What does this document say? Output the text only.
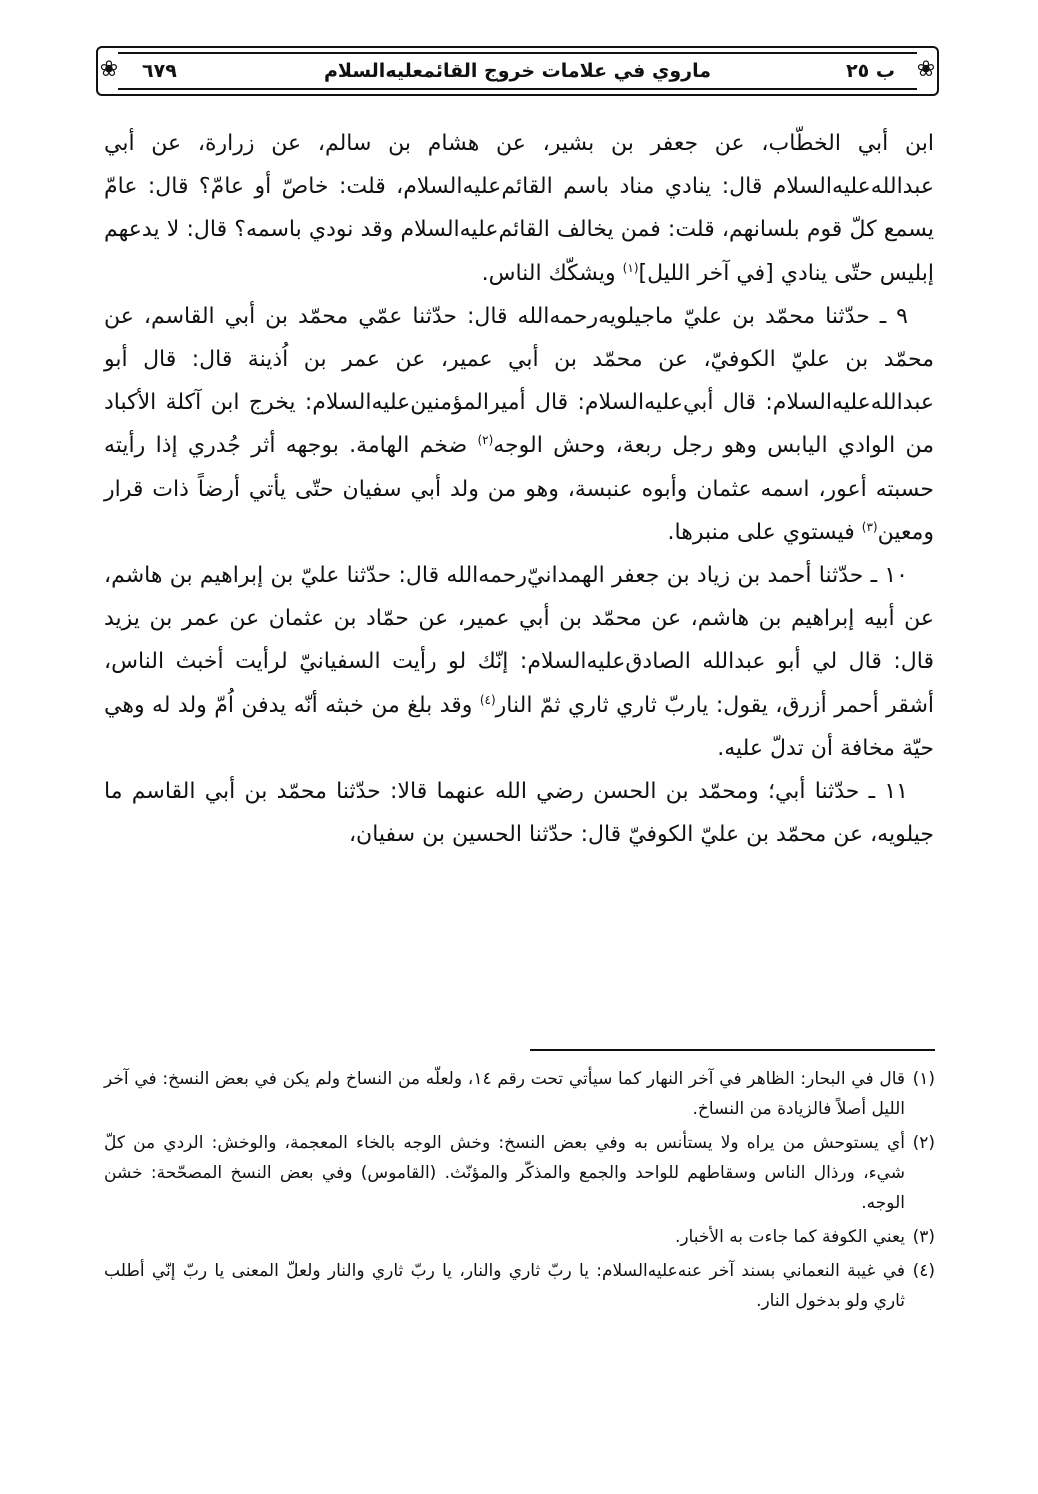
❀	❀
ب ٢٥
ماروي في علامات خروج القائمعليه‌السلام
٦٧٩

ابن أبي الخطّاب، عن جعفر بن بشير، عن هشام بن سالم، عن زرارة، عن أبي عبدالله‌عليه‌السلام قال: ينادي مناد باسم القائم‌عليه‌السلام، قلت: خاصّ أو عامّ؟ قال: عامّ يسمع كلّ قوم بلسانهم، قلت: فمن يخالف القائم‌عليه‌السلام وقد نودي باسمه؟ قال: لا يدعهم إبليس حتّى ينادي [في آخر الليل]$^{(١)}$ ويشكّك الناس.

٩ ـ حدّثنا محمّد بن عليّ ماجيلويه‌رحمه‌الله قال: حدّثنا عمّي محمّد بن أبي القاسم، عن محمّد بن عليّ الكوفيّ، عن محمّد بن أبي عمير، عن عمر بن اُذينة قال: قال أبو عبدالله‌عليه‌السلام: قال أبي‌عليه‌السلام: قال أميرالمؤمنين‌عليه‌السلام: يخرج ابن آكلة الأكباد من الوادي اليابس وهو رجل ربعة، وحش الوجه$^{(٢)}$ ضخم الهامة. بوجهه أثر جُدري إذا رأيته حسبته أعور، اسمه عثمان وأبوه عنبسة، وهو من ولد أبي سفيان حتّى يأتي أرضاً ذات قرار ومعين$^{(٣)}$ فيستوي على منبرها.

١٠ ـ حدّثنا أحمد بن زياد بن جعفر الهمدانيّ‌رحمه‌الله قال: حدّثنا عليّ بن إبراهيم بن هاشم، عن أبيه إبراهيم بن هاشم، عن محمّد بن أبي عمير، عن حمّاد بن عثمان عن عمر بن يزيد قال: قال لي أبو عبدالله الصادق‌عليه‌السلام: إنّك لو رأيت السفيانيّ لرأيت أخبث الناس، أشقر أحمر أزرق، يقول: ياربّ ثاري ثاري ثمّ النار$^{(٤)}$ وقد بلغ من خبثه أنّه يدفن اُمّ ولد له وهي حيّة مخافة أن تدلّ عليه.

١١ ـ حدّثنا أبي؛ ومحمّد بن الحسن رضي الله عنهما قالا: حدّثنا محمّد بن أبي القاسم ما جيلويه، عن محمّد بن عليّ الكوفيّ قال: حدّثنا الحسين بن سفيان،

(١)
قال في البحار: الظاهر في آخر النهار كما سيأتي تحت رقم ١٤، ولعلّه من النساخ ولم يكن في بعض النسخ: في آخر الليل أصلاً فالزيادة من النساخ.

(٢)
أي يستوحش من يراه ولا يستأنس به وفي بعض النسخ: وخش الوجه بالخاء المعجمة، والوخش: الردي من كلّ شيء، ورذال الناس وسقاطهم للواحد والجمع والمذكّر والمؤنّث. (القاموس) وفي بعض النسخ المصحّحة: خشن الوجه.

(٣)
يعني الكوفة كما جاءت به الأخبار.

(٤)
في غيبة النعماني بسند آخر عنه‌عليه‌السلام: يا ربّ ثاري والنار، يا ربّ ثاري والنار ولعلّ المعنى يا ربّ إنّي أطلب ثاري ولو بدخول النار.
